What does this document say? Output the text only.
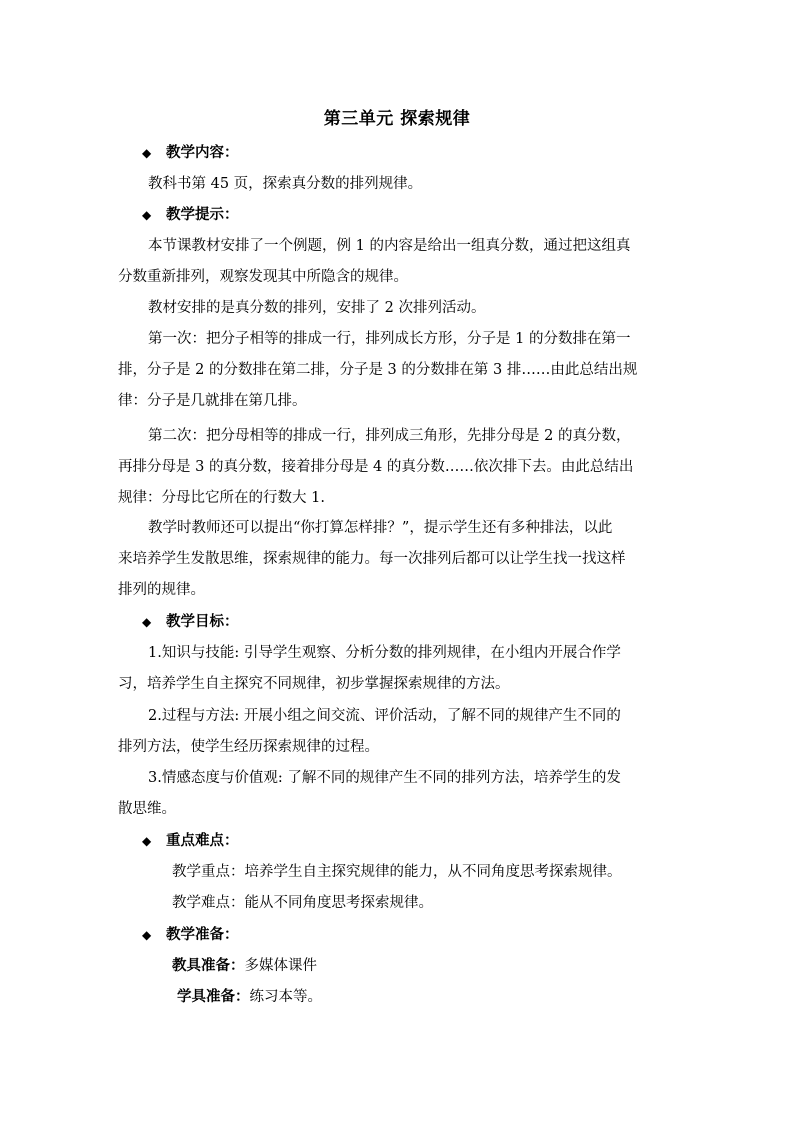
第三单元 探索规律
◆ 教学内容：
教科书第 45 页，探索真分数的排列规律。
◆ 教学提示：
本节课教材安排了一个例题，例 1 的内容是给出一组真分数，通过把这组真
分数重新排列，观察发现其中所隐含的规律。
教材安排的是真分数的排列，安排了 2 次排列活动。
第一次：把分子相等的排成一行，排列成长方形，分子是 1 的分数排在第一
排，分子是 2 的分数排在第二排，分子是 3 的分数排在第 3 排……由此总结出规
律：分子是几就排在第几排。
第二次：把分母相等的排成一行，排列成三角形，先排分母是 2 的真分数，
再排分母是 3 的真分数，接着排分母是 4 的真分数……依次排下去。由此总结出
规律：分母比它所在的行数大 1.
教学时教师还可以提出“你打算怎样排？”，提示学生还有多种排法，以此
来培养学生发散思维，探索规律的能力。每一次排列后都可以让学生找一找这样
排列的规律。
◆ 教学目标：
1.知识与技能: 引导学生观察、分析分数的排列规律，在小组内开展合作学
习，培养学生自主探究不同规律，初步掌握探索规律的方法。
2.过程与方法: 开展小组之间交流、评价活动，了解不同的规律产生不同的
排列方法，使学生经历探索规律的过程。
3.情感态度与价值观: 了解不同的规律产生不同的排列方法，培养学生的发
散思维。
◆ 重点难点：
教学重点：培养学生自主探究规律的能力，从不同角度思考探索规律。
教学难点：能从不同角度思考探索规律。
◆ 教学准备：
教具准备：多媒体课件
学具准备：练习本等。
